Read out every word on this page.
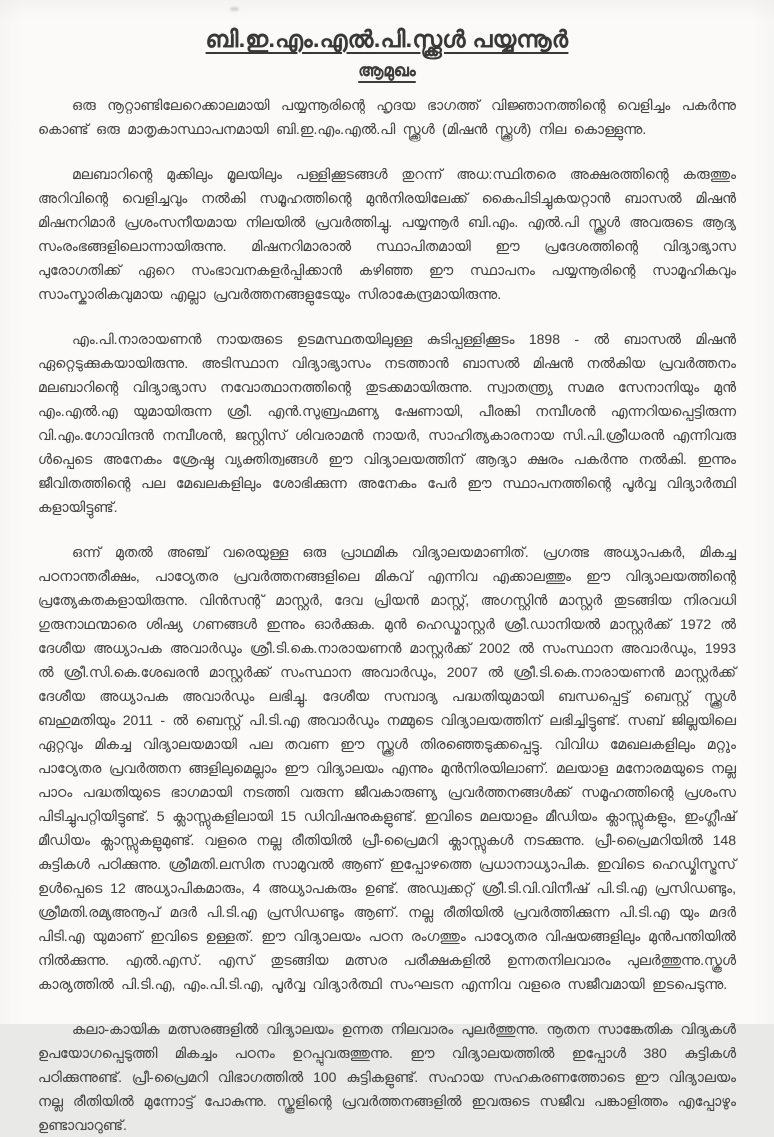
ബി.ഇ.എം.എൽ.പി.സ്ക്കൂൾ പയ്യന്നൂർ
ആമുഖം

ഒരു നൂറ്റാണ്ടിലേറെക്കാലമായി പയ്യന്നൂരിന്റെ ഹൃദയ ഭാഗത്ത് വിജ്ഞാനത്തിന്റെ വെളിച്ചം പകർന്നു കൊണ്ട് ഒരു മാതൃകാസ്ഥാപനമായി ബി.ഇ.എം.എൽ.പി സ്ക്കൂൾ (മിഷൻ സ്ക്കൂൾ) നില കൊള്ളുന്നു.

മലബാറിന്റെ മുക്കിലും മൂലയിലും പള്ളിക്കൂടങ്ങൾ തുറന്ന് അധ:സ്ഥിതരെ അക്ഷരത്തിന്റെ കരുത്തും അറിവിന്റെ വെളിച്ചവും നൽകി സമൂഹത്തിന്റെ മുൻനിരയിലേക്ക് കൈപിടിച്ചുകയറ്റാൻ ബാസൽ മിഷൻ മിഷനറിമാർ പ്രശംസനീയമായ നിലയിൽ പ്രവർത്തിച്ചു. പയ്യന്നൂർ ബി.എം. എൽ.പി സ്ക്കൂൾ അവരുടെ ആദ്യ സംരംഭങ്ങളിലൊന്നായിരുന്നു. മിഷനറിമാരാൽ സ്ഥാപിതമായി ഈ പ്രദേശത്തിന്റെ വിദ്യാഭ്യാസ പുരോഗതിക്ക് ഏറെ സംഭാവനകളർപ്പിക്കാൻ കഴിഞ്ഞ ഈ സ്ഥാപനം പയ്യന്നൂരിന്റെ സാമൂഹികവും സാംസ്കാരികവുമായ എല്ലാ പ്രവർത്തനങ്ങളുടേയും സിരാകേന്ദ്രമായിരുന്നു.

എം.പി.നാരായണൻ നായരുടെ ഉടമസ്ഥതയിലുള്ള കുടിപ്പള്ളിക്കൂടം 1898 - ൽ ബാസൽ മിഷൻ ഏറ്റെടുക്കുകയായിരുന്നു. അടിസ്ഥാന വിദ്യാഭ്യാസം നടത്താൻ ബാസൽ മിഷൻ നൽകിയ പ്രവർത്തനം മലബാറിന്റെ വിദ്യാഭ്യാസ നവോത്ഥാനത്തിന്റെ തുടക്കമായിരുന്നു. സ്വാതന്ത്ര്യ സമര സേനാനിയും മുൻ എം.എൽ.എ യുമായിരുന്ന ശ്രീ. എൻ.സുബ്രഹ്മണ്യ ഷേണായി, പീരങ്കി നമ്പീശൻ എന്നറിയപ്പെട്ടിരുന്ന വി.എം.ഗോവിന്ദൻ നമ്പീശൻ, ജസ്റ്റിസ് ശിവരാമൻ നായർ, സാഹിത്യകാരനായ സി.പി.ശ്രീധരൻ എന്നിവരു ൾപ്പെടെ അനേകം ശ്രേഷ്ഠ വ്യക്തിത്വങ്ങൾ ഈ വിദ്യാലയത്തിന് ആദ്യാ ക്ഷരം പകർന്നു നൽകി. ഇന്നും ജീവിതത്തിന്റെ പല മേഖലകളിലും ശോഭിക്കുന്ന അനേകം പേർ ഈ സ്ഥാപനത്തിന്റെ പൂർവ്വ വിദ്യാർത്ഥി കളായിട്ടുണ്ട്.

ഒന്ന് മുതൽ അഞ്ച് വരെയുള്ള ഒരു പ്രാഥമിക വിദ്യാലയമാണിത്. പ്രഗത്ഭ അധ്യാപകർ, മികച്ച പഠനാന്തരീക്ഷം, പാഠ്യേതര പ്രവർത്തനങ്ങളിലെ മികവ് എന്നിവ എക്കാലത്തും ഈ വിദ്യാലയത്തിന്റെ പ്രത്യേകതകളായിരുന്നു. വിൻസന്റ് മാസ്റ്റർ, ദേവ പ്രിയൻ മാസ്റ്റ്, അഗസ്റ്റിൻ മാസ്റ്റർ തുടങ്ങിയ നിരവധി ഗുരുനാഥന്മാരെ ശിഷ്യ ഗണങ്ങൾ ഇന്നും ഓർക്കുക. മുൻ ഹെഡ്മാസ്റ്റർ ശ്രീ.ഡാനിയൽ മാസ്റ്റർക്ക് 1972 ൽ ദേശീയ അധ്യാപക അവാർഡും ശ്രീ.ടി.കെ.നാരായണൻ മാസ്റ്റർക്ക് 2002 ൽ സംസ്ഥാന അവാർഡും, 1993 ൽ ശ്രീ.സി.കെ.ശേഖരൻ മാസ്റ്റർക്ക് സംസ്ഥാന അവാർഡും, 2007 ൽ ശ്രീ.ടി.കെ.നാരായണൻ മാസ്റ്റർക്ക് ദേശീയ അധ്യാപക അവാർഡും ലഭിച്ചു. ദേശീയ സമ്പാദ്യ പദ്ധതിയുമായി ബന്ധപ്പെട്ട് ബെസ്റ്റ് സ്ക്കൂൾ ബഹുമതിയും 2011 - ൽ ബെസ്റ്റ് പി.ടി.എ അവാർഡും നമ്മുടെ വിദ്യാലയത്തിന് ലഭിച്ചിട്ടുണ്ട്. സബ് ജില്ലയിലെ ഏറ്റവും മികച്ച വിദ്യാലയമായി പല തവണ ഈ സ്ക്കൂൾ തിരഞ്ഞെടുക്കപ്പെട്ടു. വിവിധ മേഖലകളിലും മറ്റും പാഠ്യേതര പ്രവർത്തന ങ്ങളിലുമെല്ലാം ഈ വിദ്യാലയം എന്നും മുൻനിരയിലാണ്. മലയാള മനോരമയുടെ നല്ല പാഠം പദ്ധതിയുടെ ഭാഗമായി നടത്തി വരുന്ന ജീവകാരുണ്യ പ്രവർത്തനങ്ങൾക്ക് സമൂഹത്തിന്റെ പ്രശംസ പിടിച്ചുപറ്റിയിട്ടുണ്ട്. 5 ക്ലാസ്സുകളിലായി 15 ഡിവിഷനുകളുണ്ട്. ഇവിടെ മലയാളം മീഡിയം ക്ലാസ്സുകളും, ഇംഗ്ലീഷ് മീഡിയം ക്ലാസ്സുകളുമുണ്ട്. വളരെ നല്ല രീതിയിൽ പ്രീ-പ്രൈമറി ക്ലാസ്സുകൾ നടക്കുന്നു. പ്രീ-പ്രൈമറിയിൽ 148 കുട്ടികൾ പഠിക്കുന്നു. ശ്രീമതി.ലസിത സാമുവൽ ആണ് ഇപ്പോഴത്തെ പ്രധാനാധ്യാപിക. ഇവിടെ ഹെഡ്മിസ്ട്രസ് ഉൾപ്പെടെ 12 അധ്യാപികമാരും, 4 അധ്യാപകരും ഉണ്ട്. അഡ്വക്കറ്റ് ശ്രീ.ടി.വി.വിനീഷ് പി.ടി.എ പ്രസിഡണ്ടും, ശ്രീമതി.രമ്യഅനൂപ് മദർ പി.ടി.എ പ്രസിഡണ്ടും ആണ്. നല്ല രീതിയിൽ പ്രവർത്തിക്കുന്ന പി.ടി.എ യും മദർ പിടി.എ യുമാണ് ഇവിടെ ഉള്ളത്. ഈ വിദ്യാലയം പഠന രംഗത്തും പാഠ്യേതര വിഷയങ്ങളിലും മുൻപന്തിയിൽ നിൽക്കുന്നു. എൽ.എസ്. എസ് തുടങ്ങിയ മത്സര പരീക്ഷകളിൽ ഉന്നതനിലവാരം പുലർത്തുന്നു.സ്കൂൾ കാര്യത്തിൽ പി.ടി.എ, എം.പി.ടി.എ, പൂർവ്വ വിദ്യാർത്ഥി സംഘടന എന്നിവ വളരെ സജീവമായി ഇടപെടുന്നു.

കലാ-കായിക മത്സരങ്ങളിൽ വിദ്യാലയം ഉന്നത നിലവാരം പുലർത്തുന്നു. നൂതന സാങ്കേതിക വിദ്യകൾ ഉപയോഗപ്പെടുത്തി മികച്ചം പഠനം ഉറപ്പുവരുത്തുന്നു. ഈ വിദ്യാലയത്തിൽ ഇപ്പോൾ 380 കുട്ടികൾ പഠിക്കുന്നുണ്ട്. പ്രീ-പ്രൈമറി വിഭാഗത്തിൽ 100 കുട്ടികളുണ്ട്. സഹായ സഹകരണത്തോടെ ഈ വിദ്യാലയം നല്ല രീതിയിൽ മുന്നോട്ട് പോകുന്നു. സ്കൂളിന്റെ പ്രവർത്തനങ്ങളിൽ ഇവരുടെ സജീവ പങ്കാളിത്തം എപ്പോഴും ഉണ്ടാവാറുണ്ട്.
